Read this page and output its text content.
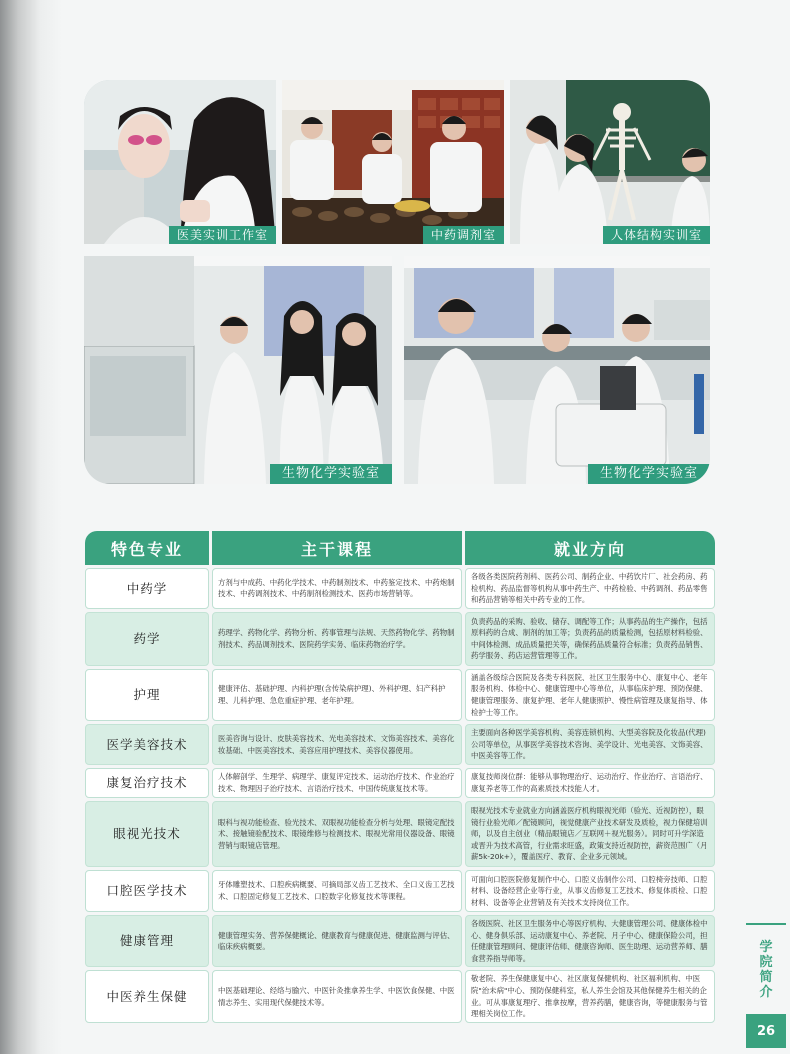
医美实训工作室	中药调剂室	人体结构实训室
生物化学实验室	生物化学实验室
特色专业	主干课程	就业方向
中药学	方剂与中成药、中药化学技术、中药制剂技术、中药鉴定技术、中药炮制技术、中药调剂技术、中药制剂检测技术、医药市场营销等。	各级各类医院药剂科、医药公司、制药企业、中药饮片厂、社会药房、药检机构、药品监督等机构从事中药生产、中药检验、中药调剂、药品零售和药品营销等相关中药专业的工作。
药学	药理学、药物化学、药物分析、药事管理与法规、天然药物化学、药物制剂技术、药品调剂技术、医院药学实务、临床药物治疗学。	负责药品的采购、验收、储存、调配等工作；从事药品的生产操作，包括原料药的合成、制剂的加工等；负责药品的质量检测，包括原材料检验、中间体检测、成品质量把关等，确保药品质量符合标准；负责药品销售、药学服务、药店运营管理等工作。
护理	健康评估、基础护理、内科护理(含传染病护理)、外科护理、妇产科护理、儿科护理、急危重症护理、老年护理。	涵盖各级综合医院及各类专科医院、社区卫生服务中心、康复中心、老年服务机构、体检中心、健康管理中心等单位，从事临床护理、预防保健、健康管理服务、康复护理、老年人健康照护、慢性病管理及康复指导、体检护士等工作。
医学美容技术	医美咨询与设计、皮肤美容技术、光电美容技术、文饰美容技术、美容化妆基础、中医美容技术、美容应用护理技术、美容仪器使用。	主要面向各种医学美容机构、美容连锁机构、大型美容院及化妆品(代理)公司等单位，从事医学美容技术咨询、美学设计、光电美容、文饰美容、中医美容等工作。
康复治疗技术	人体解剖学、生理学、病理学、康复评定技术、运动治疗技术、作业治疗技术、物理因子治疗技术、言语治疗技术、中国传统康复技术等。	康复技师岗位群：能够从事物理治疗、运动治疗、作业治疗、言语治疗、康复养老等工作的高素质技术技能人才。
眼视光技术	眼科与视功能检查、验光技术、双眼视功能检查分析与处理、眼镜定配技术、接触镜验配技术、眼镜维修与检测技术、眼视光常用仪器设备、眼镜营销与眼镜店管理。	眼视光技术专业就业方向涵盖医疗机构眼视光师（验光、近视防控），眼镜行业验光师／配镜顾问，视觉健康产业技术研发及质检，视力保健培训师，以及自主创业（精品眼镜店／互联网＋视光服务）。同时可升学深造或晋升为技术高管，行业需求旺盛，政策支持近视防控，薪资范围广（月薪5k-20k+），覆盖医疗、教育、企业多元领域。
口腔医学技术	牙体雕塑技术、口腔疾病概要、可摘局部义齿工艺技术、全口义齿工艺技术、口腔固定修复工艺技术、口腔数字化修复技术等课程。	可面向口腔医院修复制作中心、口腔义齿制作公司、口腔椅旁技师、口腔材料、设备经营企业等行业，从事义齿修复工艺技术、修复体质检、口腔材料、设备等企业营销及有关技术支持岗位工作。
健康管理	健康管理实务、营养保健概论、健康教育与健康促进、健康监测与评估、临床疾病概要。	各级医院、社区卫生服务中心等医疗机构、大健康管理公司、健康体检中心、健身俱乐部、运动康复中心、养老院、月子中心、健康保险公司，担任健康管理顾问、健康评估师、健康咨询师、医生助理、运动营养师、膳食营养指导师等。
中医养生保健	中医基础理论、经络与腧穴、中医针灸推拿养生学、中医饮食保健、中医情志养生、实用现代保健技术等。	敬老院、养生保健康复中心、社区康复保健机构、社区福利机构、中医院"治未病"中心、预防保健科室，私人养生会馆及其他保健养生相关的企业。可从事康复理疗、推拿按摩，营养药膳，健康咨询，等健康服务与管理相关岗位工作。
学院简介
26
